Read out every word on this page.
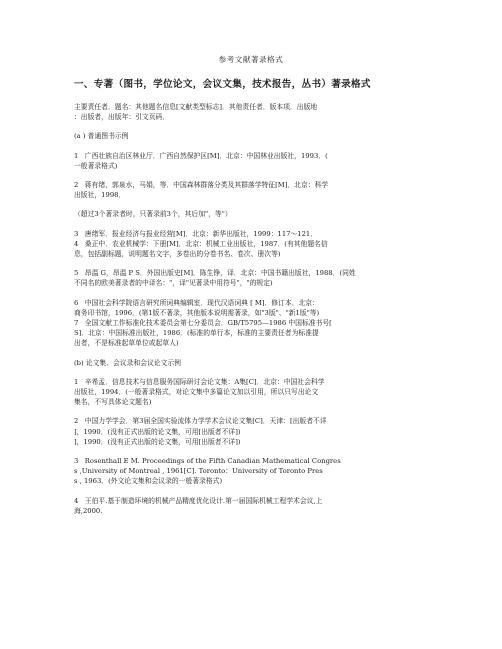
参考文献著录格式
一、专著（图书，学位论文，会议文集，技术报告，丛书）著录格式
主要责任者．题名：其他题名信息[文献类型标志]．其他责任者．版本项．出版地
：出版者，出版年：引文页码．
(a ) 普通图书示例
1   广西壮族自治区林业厅．广西自然保护区[M]．北京：中国林业出版社，1993．(
一般著录格式)
2   蒋有绪，郭泉水，马娟，等．中国森林群落分类及其群落学特征[M]．北京：科学
出版社，1998．
（超过3个著录者时，只著录前3个，其后加"，等"）
3   唐绪军．报业经济与报业经营[M]．北京：新华出版社，1999：117～121．
4   桑正中．农业机械学：下册[M]．北京：机械工业出版社，1987．(有其他题名信
息，包括副标题，说明题名文字，多卷出的分卷书名、卷次、册次等)
5   昂温 G，昂温 P S．外国出版史[M]．陈生铮，译．北京：中国书籍出版社，1988．(同姓
不同名的欧美著录者的中译名："，译"见著录中用符号"，"的规定)
6   中国社会科学院语言研究所词典编辑室．现代汉语词典 [ M]．修订本．北京：
商务印书馆，1996．(第1版不著录，其他版本说明需著录，如"3版"、"新1版"等)
7   全国文献工作标准化技术委员会第七分委员会．GB/T5795—1986 中国标准书号[
S]．北京：中国标准出版社，1986．(标准的单行本，标准的主要责任者为标准提
出者，不是标准起草单位或起草人)
(b) 论文集、会议录和会议论文示例
1   辛希孟．信息技术与信息服务国际研讨会论文集：A集[C]．北京：中国社会科学
出版社，1994．(一般著录格式，对论文集中多篇论文加以引用，所以只写出论文
集名，不写具体论文题名)
2   中国力学学会．第3届全国实验流体力学学术会议论文集[C]．天津：[出版者不详
]，1990．(没有正式出版的论文集，可用[出版者不详])
]，1990．(没有正式出版的论文集，可用[出版者不详])
3   Rosenthall E M. Proceedings of the Fifth Canadian Mathematical Congres
s ,University of Montreal , 1961[C]. Toronto：University of Toronto Pres
s , 1963．(外文论文集和会议录的一般著录格式)
4   王伯平.基于制造环境的机械产品精度优化设计.第一届国际机械工程学术会议,上
海,2000.
